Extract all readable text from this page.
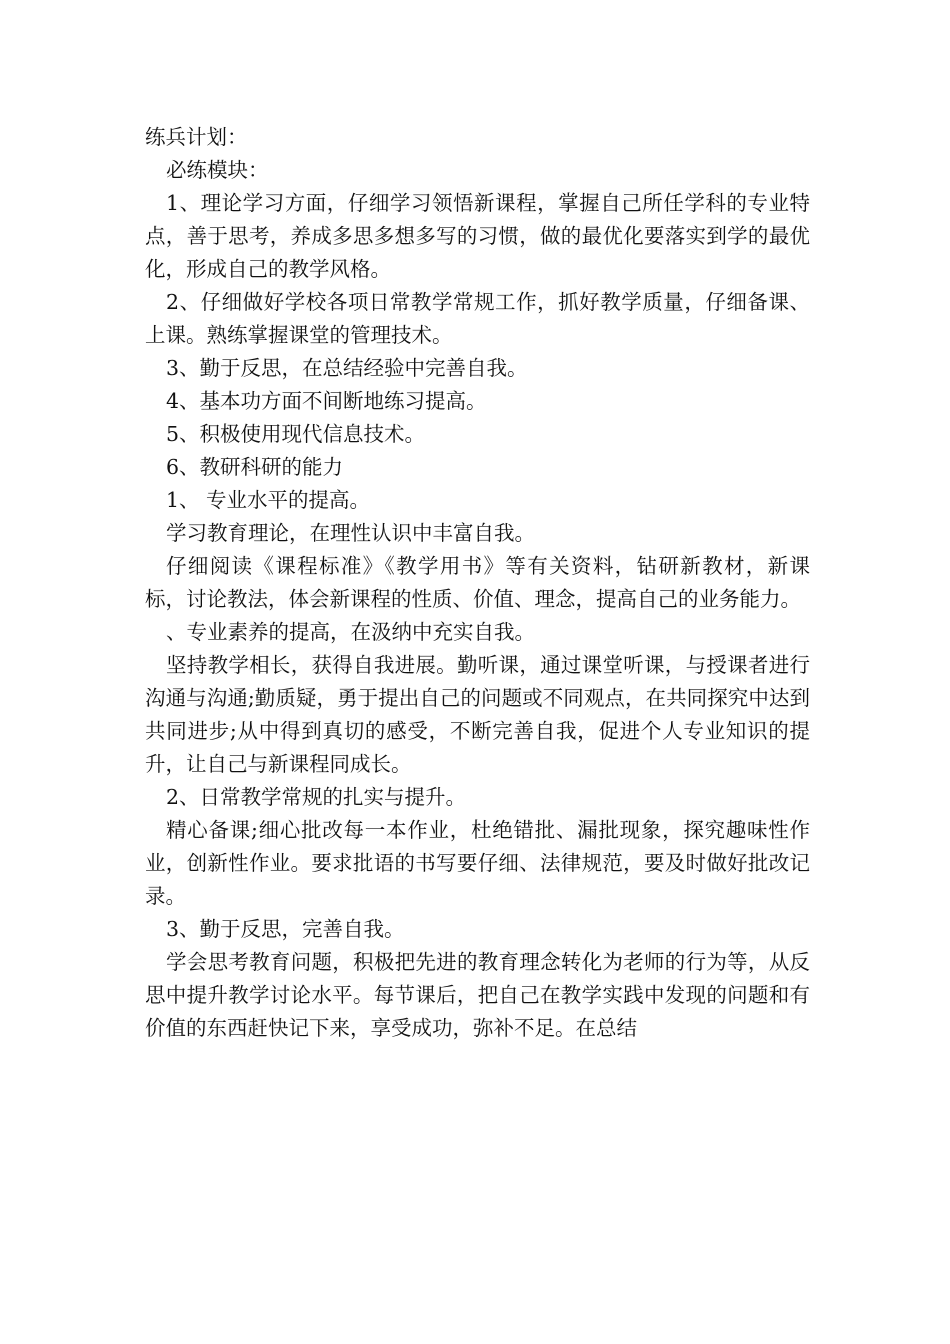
练兵计划：

必练模块：

1、理论学习方面，仔细学习领悟新课程，掌握自己所任学科的专业特点，善于思考，养成多思多想多写的习惯，做的最优化要落实到学的最优化，形成自己的教学风格。

2、仔细做好学校各项日常教学常规工作，抓好教学质量，仔细备课、上课。熟练掌握课堂的管理技术。

3、勤于反思，在总结经验中完善自我。

4、基本功方面不间断地练习提高。

5、积极使用现代信息技术。

6、教研科研的能力

1、 专业水平的提高。

学习教育理论，在理性认识中丰富自我。

仔细阅读《课程标准》《教学用书》等有关资料，钻研新教材，新课标，讨论教法，体会新课程的性质、价值、理念，提高自己的业务能力。

、专业素养的提高，在汲纳中充实自我。

坚持教学相长，获得自我进展。勤听课，通过课堂听课，与授课者进行沟通与沟通;勤质疑，勇于提出自己的问题或不同观点，在共同探究中达到共同进步;从中得到真切的感受，不断完善自我，促进个人专业知识的提升，让自己与新课程同成长。

2、日常教学常规的扎实与提升。

精心备课;细心批改每一本作业，杜绝错批、漏批现象，探究趣味性作业，创新性作业。要求批语的书写要仔细、法律规范，要及时做好批改记录。

3、勤于反思，完善自我。

学会思考教育问题，积极把先进的教育理念转化为老师的行为等，从反思中提升教学讨论水平。每节课后，把自己在教学实践中发现的问题和有价值的东西赶快记下来，享受成功，弥补不足。在总结
